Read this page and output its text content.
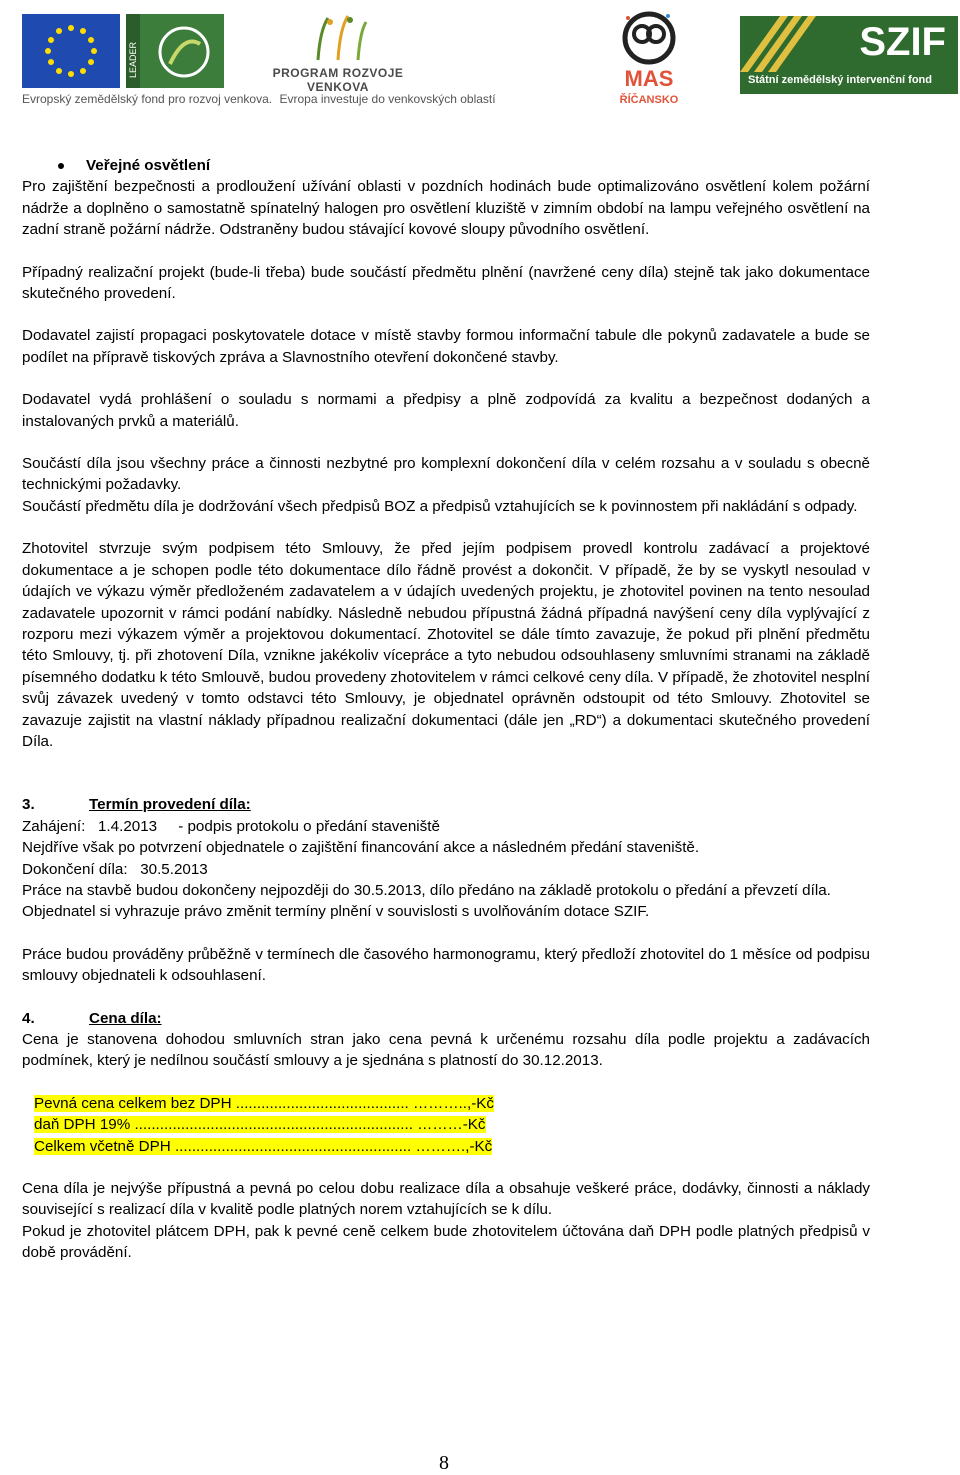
LEADER	PROGRAM ROZVOJE VENKOVA	MAS
ŘÍČANSKO
SZIF
Státní zemědělský intervenční fond
Evropský zemědělský fond pro rozvoj venkova. Evropa investuje do venkovských oblastí
Veřejné osvětlení

Pro zajištění bezpečnosti a prodloužení užívání oblasti v pozdních hodinách bude optimalizováno osvětlení kolem požární nádrže a doplněno o samostatně spínatelný halogen pro osvětlení kluziště v zimním období na lampu veřejného osvětlení na zadní straně požární nádrže. Odstraněny budou stávající kovové sloupy původního osvětlení.

Případný realizační projekt (bude-li třeba) bude součástí předmětu plnění (navržené ceny díla) stejně tak jako dokumentace skutečného provedení.

Dodavatel zajistí propagaci poskytovatele dotace v místě stavby formou informační tabule dle pokynů zadavatele a bude se podílet na přípravě tiskových zpráva a Slavnostního otevření dokončené stavby.

Dodavatel vydá prohlášení o souladu s normami a předpisy a plně zodpovídá za kvalitu a bezpečnost dodaných a instalovaných prvků a materiálů.

Součástí díla jsou všechny práce a činnosti nezbytné pro komplexní dokončení díla v celém rozsahu a v souladu s obecně technickými požadavky.

Součástí předmětu díla je dodržování všech předpisů BOZ a předpisů vztahujících se k povinnostem při nakládání s odpady.

Zhotovitel stvrzuje svým podpisem této Smlouvy, že před jejím podpisem provedl kontrolu zadávací a projektové dokumentace a je schopen podle této dokumentace dílo řádně provést a dokončit. V případě, že by se vyskytl nesoulad v údajích ve výkazu výměr předloženém zadavatelem a v údajích uvedených projektu, je zhotovitel povinen na tento nesoulad zadavatele upozornit v rámci podání nabídky. Následně nebudou přípustná žádná případná navýšení ceny díla vyplývající z rozporu mezi výkazem výměr a projektovou dokumentací. Zhotovitel se dále tímto zavazuje, že pokud při plnění předmětu této Smlouvy, tj. při zhotovení Díla, vznikne jakékoliv vícepráce a tyto nebudou odsouhlaseny smluvními stranami na základě písemného dodatku k této Smlouvě, budou provedeny zhotovitelem v rámci celkové ceny díla. V případě, že zhotovitel nesplní svůj závazek uvedený v tomto odstavci této Smlouvy, je objednatel oprávněn odstoupit od této Smlouvy. Zhotovitel se zavazuje zajistit na vlastní náklady případnou realizační dokumentaci (dále jen „RD“) a dokumentaci skutečného provedení Díla.

3.	Termín provedení díla:

Zahájení:   1.4.2013     - podpis protokolu o předání staveniště

Nejdříve však po potvrzení objednatele o zajištění financování akce a následném předání staveniště.

Dokončení díla:   30.5.2013

Práce na stavbě budou dokončeny nejpozději do 30.5.2013, dílo předáno na základě protokolu o předání a převzetí díla.

Objednatel si vyhrazuje právo změnit termíny plnění v souvislosti s uvolňováním dotace SZIF.

Práce budou prováděny průběžně v termínech dle časového harmonogramu, který předloží zhotovitel do 1 měsíce od podpisu smlouvy objednateli k odsouhlasení.

4.	Cena díla:

Cena je stanovena dohodou smluvních stran jako cena pevná k určenému rozsahu díla podle projektu a zadávacích podmínek, který je nedílnou součástí smlouvy a je sjednána s platností do 30.12.2013.

Pevná cena celkem bez DPH ......................................... ………..,-Kč
daň DPH 19% .................................................................. ………-Kč
Celkem včetně DPH ........................................................ ……….,-Kč

Cena díla je nejvýše přípustná a pevná po celou dobu realizace díla a obsahuje veškeré práce, dodávky, činnosti a náklady související s realizací díla v kvalitě podle platných norem vztahujících se k dílu.

Pokud je zhotovitel plátcem DPH, pak k pevné ceně celkem bude zhotovitelem účtována daň DPH podle platných předpisů v době provádění.

8
